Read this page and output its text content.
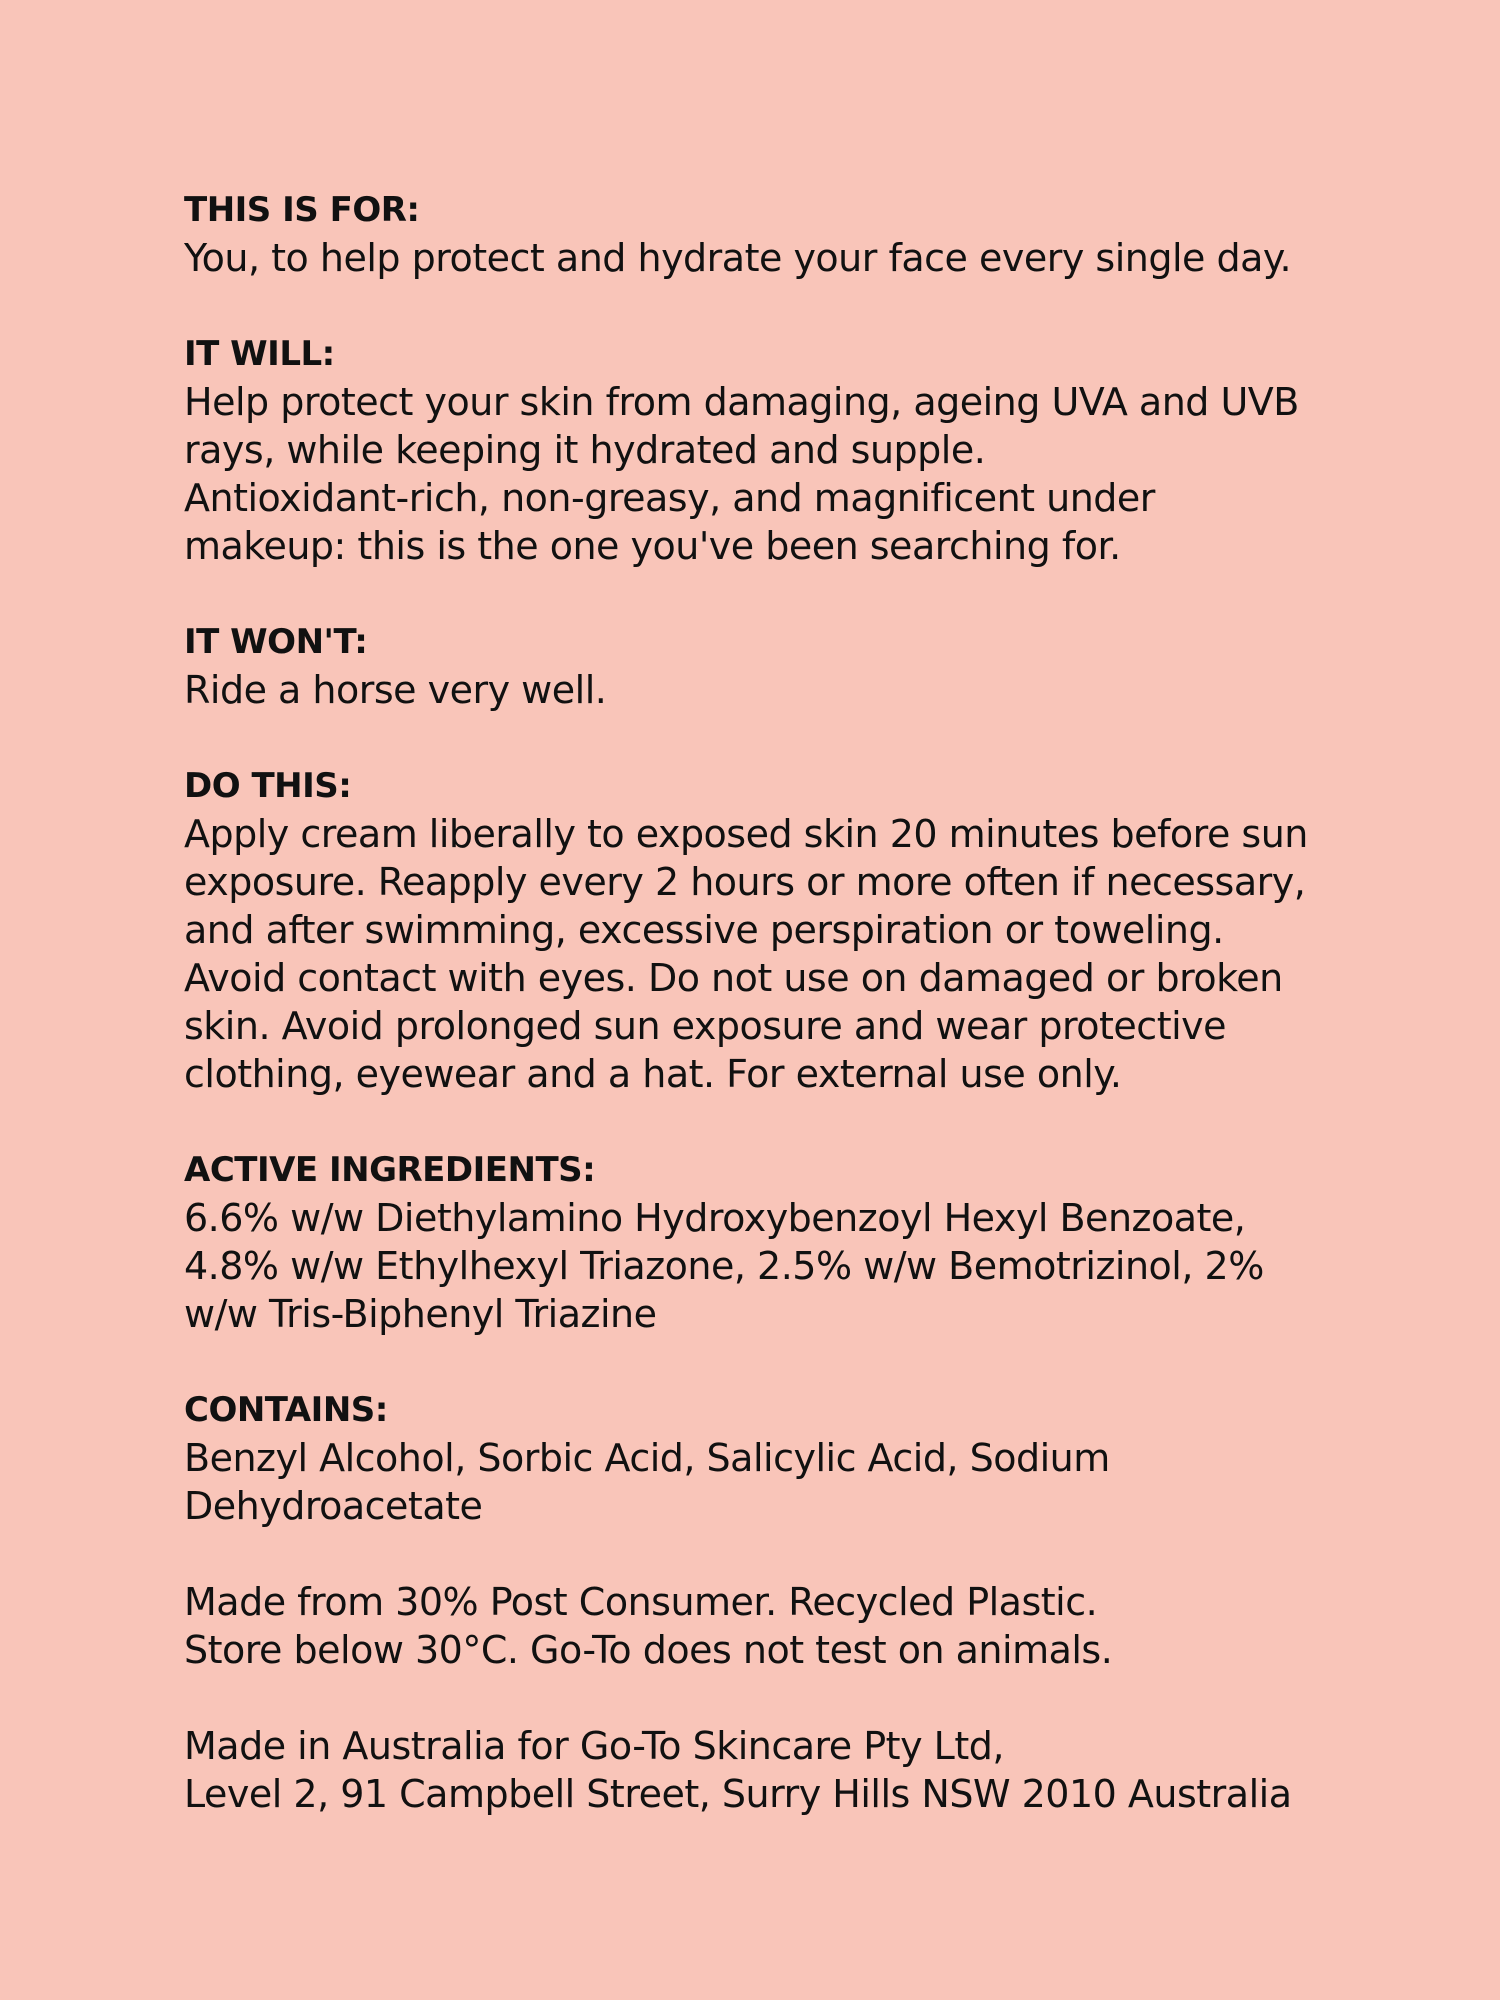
THIS IS FOR:
You, to help protect and hydrate your face every single day.
IT WILL:
Help protect your skin from damaging, ageing UVA and UVB
rays, while keeping it hydrated and supple.
Antioxidant-rich, non-greasy, and magnificent under
makeup: this is the one you've been searching for.
IT WON'T:
Ride a horse very well.
DO THIS:
Apply cream liberally to exposed skin 20 minutes before sun
exposure. Reapply every 2 hours or more often if necessary,
and after swimming, excessive perspiration or toweling.
Avoid contact with eyes. Do not use on damaged or broken
skin. Avoid prolonged sun exposure and wear protective
clothing, eyewear and a hat. For external use only.
ACTIVE INGREDIENTS:
6.6% w/w Diethylamino Hydroxybenzoyl Hexyl Benzoate,
4.8% w/w Ethylhexyl Triazone, 2.5% w/w Bemotrizinol, 2%
w/w Tris-Biphenyl Triazine
CONTAINS:
Benzyl Alcohol, Sorbic Acid, Salicylic Acid, Sodium
Dehydroacetate
Made from 30% Post Consumer. Recycled Plastic.
Store below 30°C. Go-To does not test on animals.
Made in Australia for Go-To Skincare Pty Ltd,
Level 2, 91 Campbell Street, Surry Hills NSW 2010 Australia
